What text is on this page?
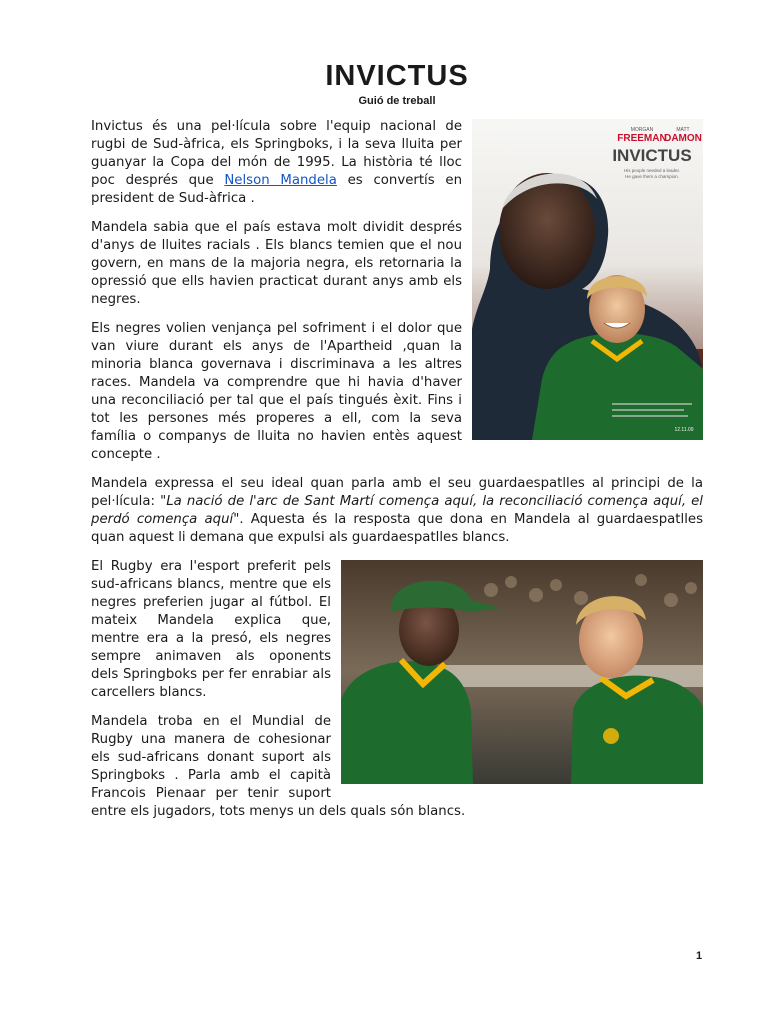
INVICTUS
Guió de treball
MORGAN	MATT
FREEMAN
DAMON
INVICTUS
His people needed a leader.
He gave them a champion.
12.11.09

Invictus és una pel·lícula sobre l'equip nacional de rugbi de Sud-àfrica, els Springboks, i la seva lluita per guanyar la Copa del món de 1995. La història té lloc poc després que Nelson Mandela es convertís en president de Sud-àfrica .

Mandela sabia que el país estava molt dividit després d'anys de lluites racials . Els blancs temien que el nou govern, en mans de la majoria negra, els retornaria la opressió que ells havien practicat durant anys amb els negres.

Els negres volien venjança pel sofriment i el dolor que van viure durant els anys de l'Apartheid ,quan la minoria blanca governava i discriminava a les altres races. Mandela va comprendre que hi havia d'haver una reconciliació per tal que el país tingués èxit. Fins i tot les persones més properes a ell, com la seva família o companys de lluita no havien entès aquest concepte .

Mandela expressa el seu ideal quan parla amb el seu guardaespatlles al principi de la pel·lícula: "La nació de l'arc de Sant Martí comença aquí, la reconciliació comença aquí, el perdó comença aquí". Aquesta és la resposta que dona en Mandela al guardaespatlles quan aquest li demana que expulsi als guardaespatlles blancs.

El Rugby era l'esport preferit pels sud-africans blancs, mentre que els negres preferien jugar al fútbol. El mateix Mandela explica que, mentre era a la presó, els negres sempre animaven als oponents dels Springboks per fer enrabiar als carcellers blancs.

Mandela troba en el Mundial de Rugby una manera de cohesionar els sud-africans donant suport als Springboks . Parla amb el capità Francois Pienaar per tenir suport entre els jugadors, tots menys un dels quals són blancs.

1
